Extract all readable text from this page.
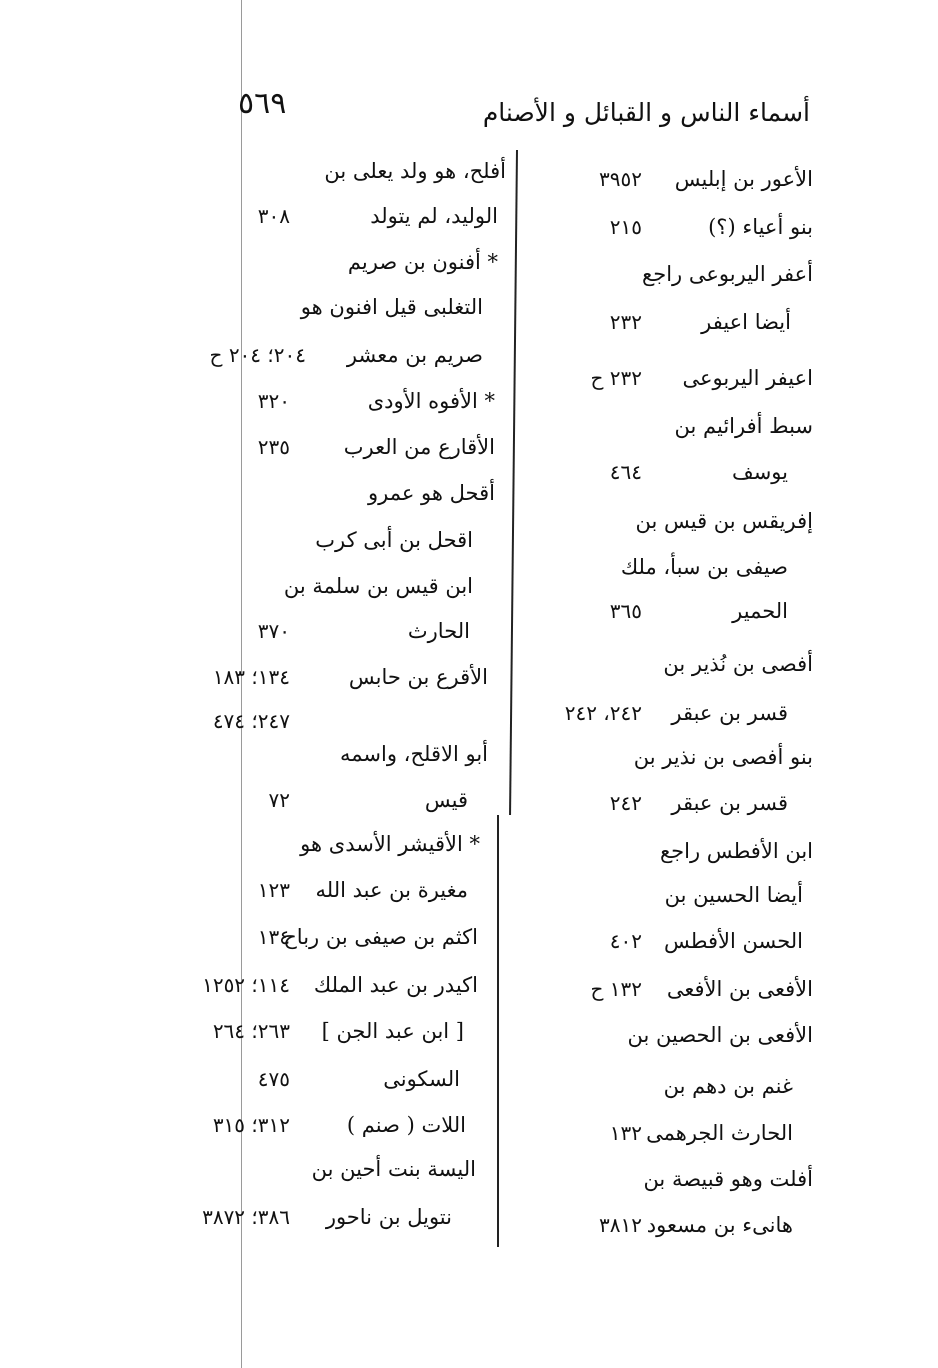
٥٦٩	أسماء الناس و القبائل و الأصنام
الأعور بن إبليس
٣٩٥٢
بنو أعياء (؟)
٢١٥
أعفر اليربوعى راجع
أيضا اعيفر
٢٣٢
اعيفر اليربوعى
٢٣٢ ح
سبط أفرائيم بن
يوسف
٤٦٤
إفريقس بن قيس بن
صيفى بن سبأ، ملك
الحمير
٣٦٥
أفصى بن نُذير بن
قسر بن عبقر
٢٤٢، ٢٤٢
بنو أفصى بن نذير بن
قسر بن عبقر
٢٤٢
ابن الأفطس راجع
أيضا الحسين بن
الحسن الأفطس
٤٠٢
الأفعى بن الأفعى
١٣٢ ح
الأفعى بن الحصين بن
غنم بن دهم بن
الحارث الجرهمى
١٣٢
أفلت وهو قبيصة بن
هانىء بن مسعود
٣٨١٢
أفلح، هو ولد يعلى بن
الوليد، لم يتولد
٣٠٨
* أفنون بن صريم
التغلبى قيل افنون هو
صريم بن معشر
٢٠٤؛ ٢٠٤ ح
* الأفوه الأودى
٣٢٠
الأقارع من العرب
٢٣٥
أقحل هو عمرو
اقحل بن أبى كرب
ابن قيس بن سلمة بن
الحارث
٣٧٠
الأقرع بن حابس
١٣٤؛ ١٨٣
٢٤٧؛ ٤٧٤
أبو الاقلح، واسمه
قيس
٧٢
* الأقيشر الأسدى هو
مغيرة بن عبد الله
١٢٣
اكثم بن صيفى بن رباح
١٣٤
اكيدر بن عبد الملك
١١٤؛ ١٢٥٢
[ ابن عبد الجن ]
٢٦٣؛ ٢٦٤
السكونى
٤٧٥
اللات ( صنم )
٣١٢؛ ٣١٥
اليسة بنت أحين بن
نتويل بن ناحور
٣٨٦؛ ٣٨٧٢
